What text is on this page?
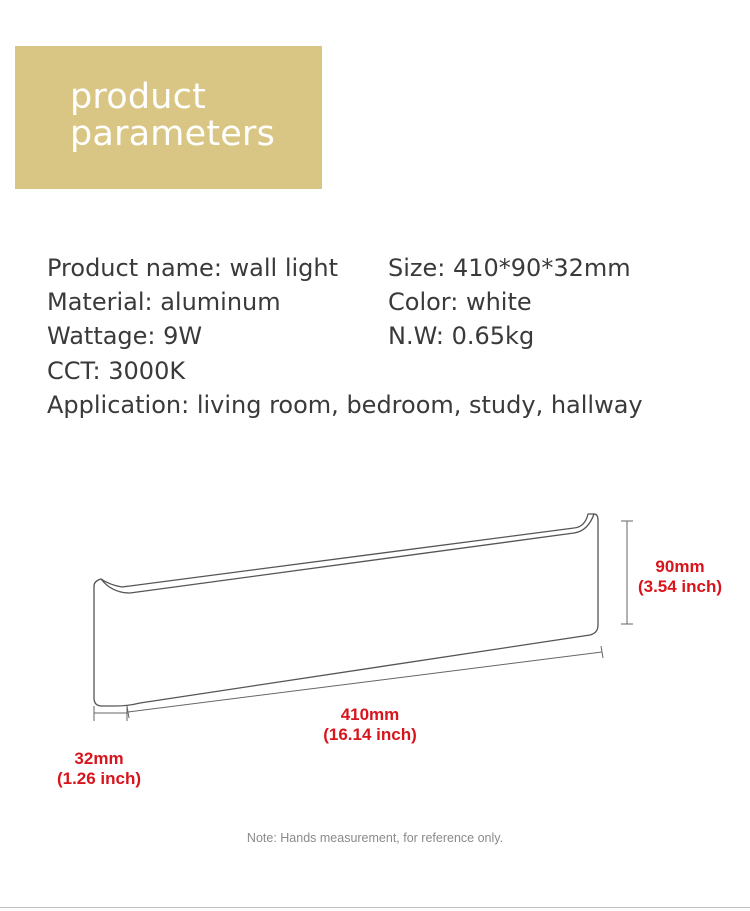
product
parameters
Product name: wall light Size: 410*90*32mm
Material: aluminum	Color: white
Wattage: 9W	N.W: 0.65kg
CCT: 3000K
Application: living room, bedroom, study, hallway
90mm
(3.54 inch)
410mm
(16.14 inch)
32mm
(1.26 inch)
Note: Hands measurement, for reference only.
